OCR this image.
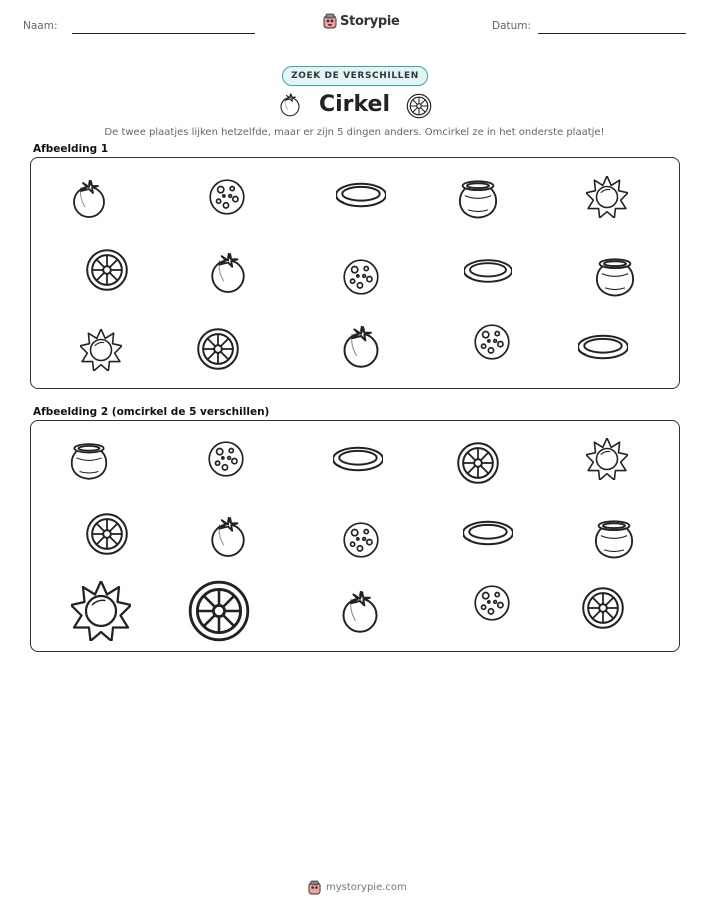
Naam:	Storypie	Datum:
ZOEK DE VERSCHILLEN
Cirkel
De twee plaatjes lijken hetzelfde, maar er zijn 5 dingen anders. Omcirkel ze in het onderste plaatje!
Afbeelding 1
Afbeelding 2 (omcirkel de 5 verschillen)
mystorypie.com
